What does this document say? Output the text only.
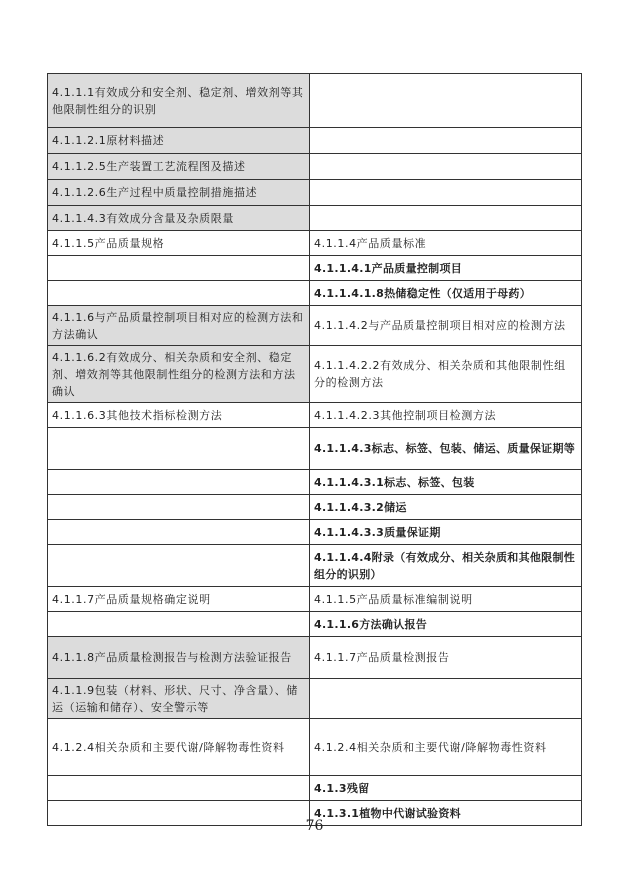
4.1.1.1有效成分和安全剂、稳定剂、增效剂等其他限制性组分的识别	
4.1.1.2.1原材料描述	
4.1.1.2.5生产装置工艺流程图及描述	
4.1.1.2.6生产过程中质量控制措施描述	
4.1.1.4.3有效成分含量及杂质限量	
4.1.1.5产品质量规格	4.1.1.4产品质量标准
	4.1.1.4.1产品质量控制项目
	4.1.1.4.1.8热储稳定性（仅适用于母药）
4.1.1.6与产品质量控制项目相对应的检测方法和方法确认	4.1.1.4.2与产品质量控制项目相对应的检测方法
4.1.1.6.2有效成分、相关杂质和安全剂、稳定剂、增效剂等其他限制性组分的检测方法和方法确认	4.1.1.4.2.2有效成分、相关杂质和其他限制性组分的检测方法
4.1.1.6.3其他技术指标检测方法	4.1.1.4.2.3其他控制项目检测方法
	4.1.1.4.3标志、标签、包装、储运、质量保证期等
	4.1.1.4.3.1标志、标签、包装
	4.1.1.4.3.2储运
	4.1.1.4.3.3质量保证期
	4.1.1.4.4附录（有效成分、相关杂质和其他限制性组分的识别）
4.1.1.7产品质量规格确定说明	4.1.1.5产品质量标准编制说明
	4.1.1.6方法确认报告
4.1.1.8产品质量检测报告与检测方法验证报告	4.1.1.7产品质量检测报告
4.1.1.9包装（材料、形状、尺寸、净含量）、储运（运输和储存）、安全警示等	
4.1.2.4相关杂质和主要代谢/降解物毒性资料	4.1.2.4相关杂质和主要代谢/降解物毒性资料
	4.1.3残留
	4.1.3.1植物中代谢试验资料
76
